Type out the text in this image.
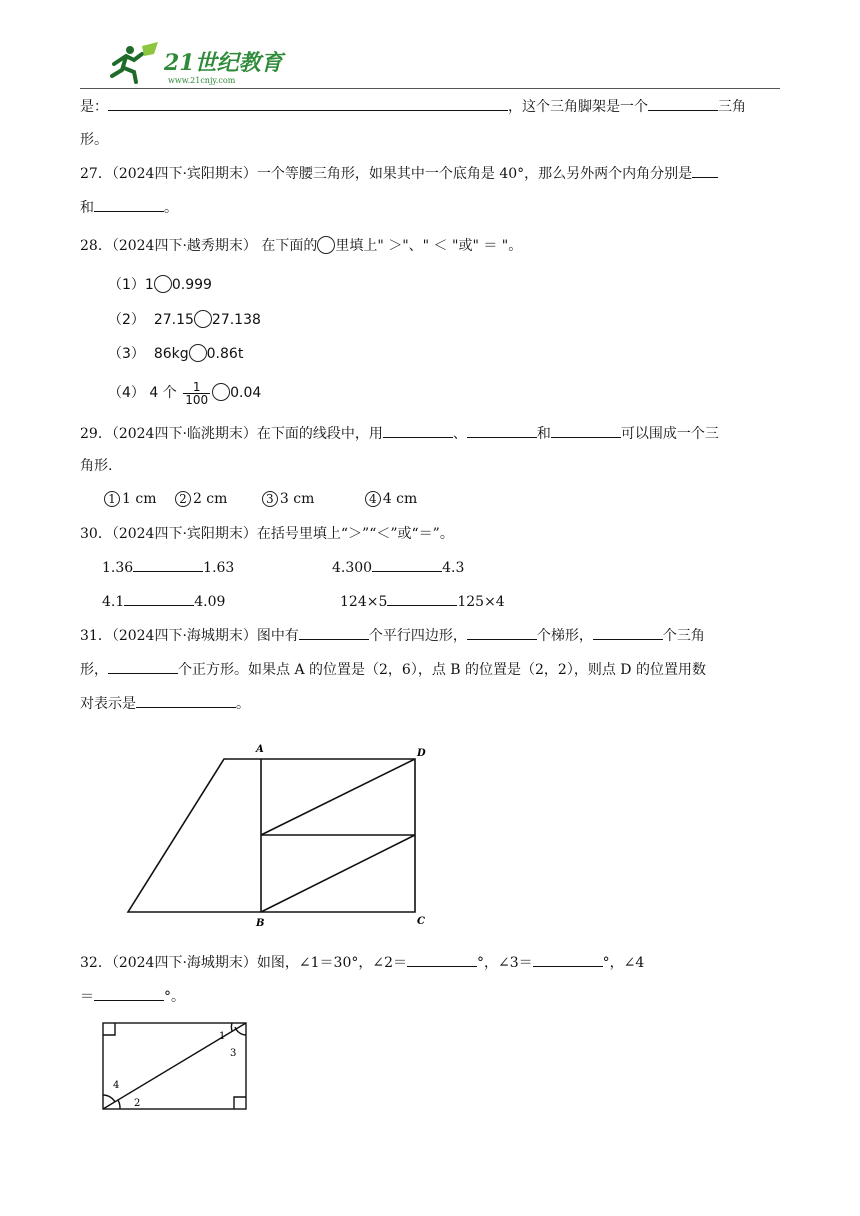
21世纪教育
www.21cnjy.com
是：	，这个三角脚架是一个	三角
形。
27．（2024四下·宾阳期末）一个等腰三角形，如果其中一个底角是 40°，那么另外两个内角分别是
和	。
28．（2024四下·越秀期末） 在下面的 里填上" ＞"、" ＜ "或" ＝ "。
（1）1 0.999
（2） 27.15 27.138
（3） 86kg 0.86t
（4） 4 个 $\frac{1}{100} 0.04$
29．（2024四下·临洮期末）在下面的线段中，用	、	和	可以围成一个三
角形.
1 1 cm 2 2 cm	3 3 cm	4 4 cm
30．（2024四下·宾阳期末）在括号里填上“＞”“＜”或“＝”。
1.36	1.63	4.300	4.3
4.1	4.09	124×5	125×4
31．（2024四下·海城期末）图中有	个平行四边形，	个梯形，	个三角
形，	个正方形。如果点 A 的位置是（2，6），点 B 的位置是（2，2），则点 D 的位置用数
对表示是	。
A	D
B	C
32．（2024四下·海城期末）如图，∠1＝30°，∠2＝	°，∠3＝	°，∠4
＝	°。
1
3
4
2
